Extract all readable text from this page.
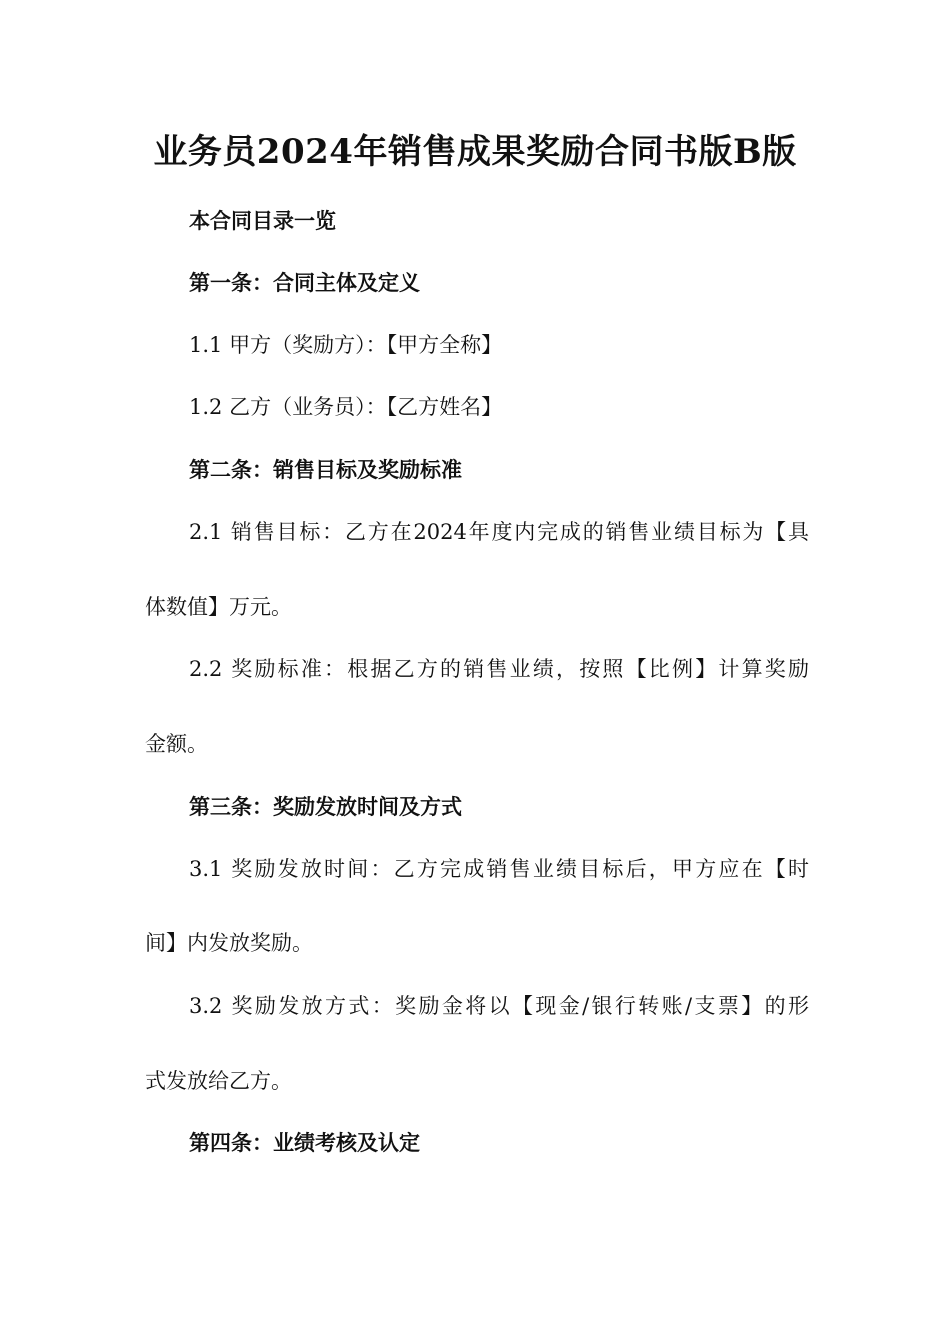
业务员2024年销售成果奖励合同书版B版
本合同目录一览
第一条：合同主体及定义
1.1 甲方（奖励方）：【甲方全称】
1.2 乙方（业务员）：【乙方姓名】
第二条：销售目标及奖励标准
2.1 销售目标：乙方在2024年度内完成的销售业绩目标为【具
体数值】万元。
2.2 奖励标准：根据乙方的销售业绩，按照【比例】计算奖励
金额。
第三条：奖励发放时间及方式
3.1 奖励发放时间：乙方完成销售业绩目标后，甲方应在【时
间】内发放奖励。
3.2 奖励发放方式：奖励金将以【现金/银行转账/支票】的形
式发放给乙方。
第四条：业绩考核及认定
